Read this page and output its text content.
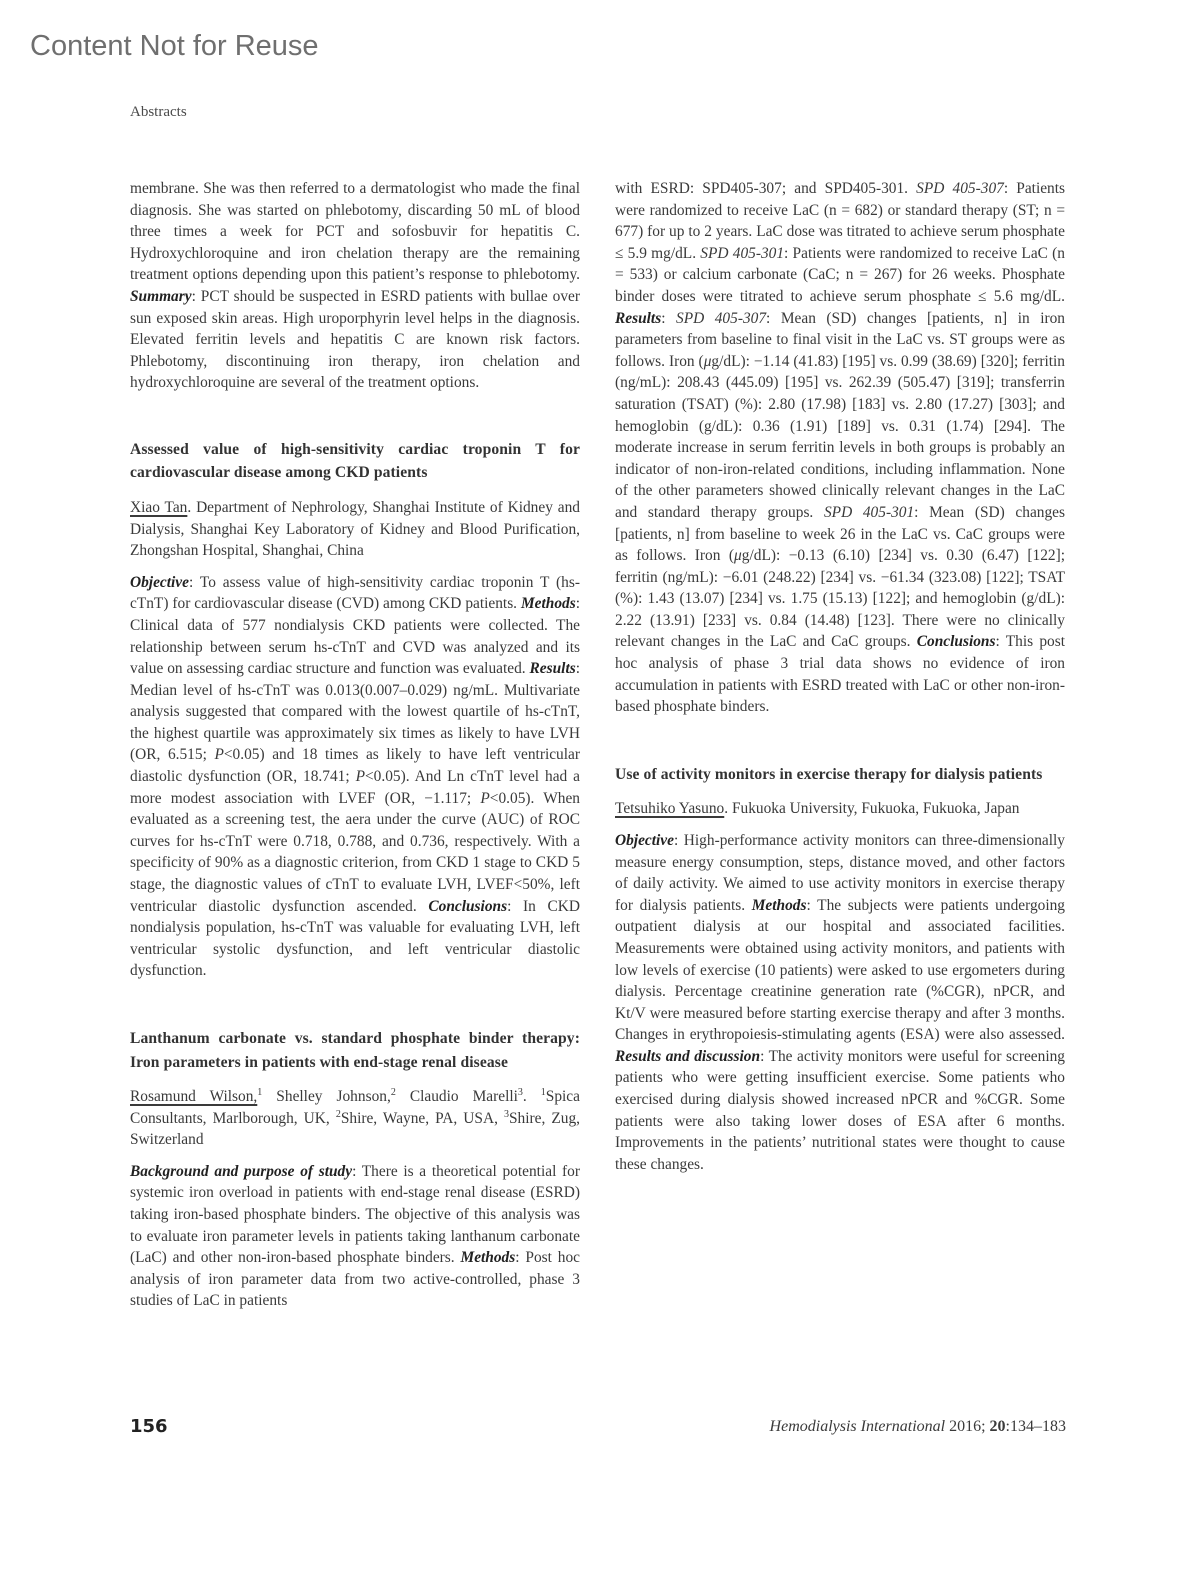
Content Not for Reuse
Abstracts

membrane. She was then referred to a dermatologist who made the final diagnosis. She was started on phlebotomy, discarding 50 mL of blood three times a week for PCT and sofosbuvir for hepatitis C. Hydroxychloroquine and iron chelation therapy are the remaining treatment options depending upon this patient’s response to phlebotomy. Summary: PCT should be suspected in ESRD patients with bullae over sun exposed skin areas. High uroporphyrin level helps in the diagnosis. Elevated ferritin levels and hepatitis C are known risk factors. Phlebotomy, discontinuing iron therapy, iron chelation and hydroxychloroquine are several of the treatment options.

Assessed value of high-sensitivity cardiac troponin T for cardiovascular disease among CKD patients

Xiao Tan. Department of Nephrology, Shanghai Institute of Kidney and Dialysis, Shanghai Key Laboratory of Kidney and Blood Purification, Zhongshan Hospital, Shanghai, China

Objective: To assess value of high-sensitivity cardiac troponin T (hs-cTnT) for cardiovascular disease (CVD) among CKD patients. Methods: Clinical data of 577 nondialysis CKD patients were collected. The relationship between serum hs-cTnT and CVD was analyzed and its value on assessing cardiac structure and function was evaluated. Results: Median level of hs-cTnT was 0.013(0.007–0.029) ng/mL. Multivariate analysis suggested that compared with the lowest quartile of hs-cTnT, the highest quartile was approximately six times as likely to have LVH (OR, 6.515; P<0.05) and 18 times as likely to have left ventricular diastolic dysfunction (OR, 18.741; P<0.05). And Ln cTnT level had a more modest association with LVEF (OR, −1.117; P<0.05). When evaluated as a screening test, the aera under the curve (AUC) of ROC curves for hs-cTnT were 0.718, 0.788, and 0.736, respectively. With a specificity of 90% as a diagnostic criterion, from CKD 1 stage to CKD 5 stage, the diagnostic values of cTnT to evaluate LVH, LVEF<50%, left ventricular diastolic dysfunction ascended. Conclusions: In CKD nondialysis population, hs-cTnT was valuable for evaluating LVH, left ventricular systolic dysfunction, and left ventricular diastolic dysfunction.

Lanthanum carbonate vs. standard phosphate binder therapy: Iron parameters in patients with end-stage renal disease

Rosamund Wilson,$^1$ Shelley Johnson,$^2$ Claudio Marelli$^3$. $^1$Spica Consultants, Marlborough, UK, $^2$Shire, Wayne, PA, USA, $^3$Shire, Zug, Switzerland

Background and purpose of study: There is a theoretical potential for systemic iron overload in patients with end-stage renal disease (ESRD) taking iron-based phosphate binders. The objective of this analysis was to evaluate iron parameter levels in patients taking lanthanum carbonate (LaC) and other non-iron-based phosphate binders. Methods: Post hoc analysis of iron parameter data from two active-controlled, phase 3 studies of LaC in patients

with ESRD: SPD405-307; and SPD405-301. SPD 405-307: Patients were randomized to receive LaC (n = 682) or standard therapy (ST; n = 677) for up to 2 years. LaC dose was titrated to achieve serum phosphate ≤ 5.9 mg/dL. SPD 405-301: Patients were randomized to receive LaC (n = 533) or calcium carbonate (CaC; n = 267) for 26 weeks. Phosphate binder doses were titrated to achieve serum phosphate ≤ 5.6 mg/dL. Results: SPD 405-307: Mean (SD) changes [patients, n] in iron parameters from baseline to final visit in the LaC vs. ST groups were as follows. Iron (μg/dL): −1.14 (41.83) [195] vs. 0.99 (38.69) [320]; ferritin (ng/mL): 208.43 (445.09) [195] vs. 262.39 (505.47) [319]; transferrin saturation (TSAT) (%): 2.80 (17.98) [183] vs. 2.80 (17.27) [303]; and hemoglobin (g/dL): 0.36 (1.91) [189] vs. 0.31 (1.74) [294]. The moderate increase in serum ferritin levels in both groups is probably an indicator of non-iron-related conditions, including inflammation. None of the other parameters showed clinically relevant changes in the LaC and standard therapy groups. SPD 405-301: Mean (SD) changes [patients, n] from baseline to week 26 in the LaC vs. CaC groups were as follows. Iron (μg/dL): −0.13 (6.10) [234] vs. 0.30 (6.47) [122]; ferritin (ng/mL): −6.01 (248.22) [234] vs. −61.34 (323.08) [122]; TSAT (%): 1.43 (13.07) [234] vs. 1.75 (15.13) [122]; and hemoglobin (g/dL): 2.22 (13.91) [233] vs. 0.84 (14.48) [123]. There were no clinically relevant changes in the LaC and CaC groups. Conclusions: This post hoc analysis of phase 3 trial data shows no evidence of iron accumulation in patients with ESRD treated with LaC or other non-iron-based phosphate binders.

Use of activity monitors in exercise therapy for dialysis patients

Tetsuhiko Yasuno. Fukuoka University, Fukuoka, Fukuoka, Japan

Objective: High-performance activity monitors can three-dimensionally measure energy consumption, steps, distance moved, and other factors of daily activity. We aimed to use activity monitors in exercise therapy for dialysis patients. Methods: The subjects were patients undergoing outpatient dialysis at our hospital and associated facilities. Measurements were obtained using activity monitors, and patients with low levels of exercise (10 patients) were asked to use ergometers during dialysis. Percentage creatinine generation rate (%CGR), nPCR, and Kt/V were measured before starting exercise therapy and after 3 months. Changes in erythropoiesis-stimulating agents (ESA) were also assessed. Results and discussion: The activity monitors were useful for screening patients who were getting insufficient exercise. Some patients who exercised during dialysis showed increased nPCR and %CGR. Some patients were also taking lower doses of ESA after 6 months. Improvements in the patients’ nutritional states were thought to cause these changes.

156	Hemodialysis International 2016; 20:134–183
